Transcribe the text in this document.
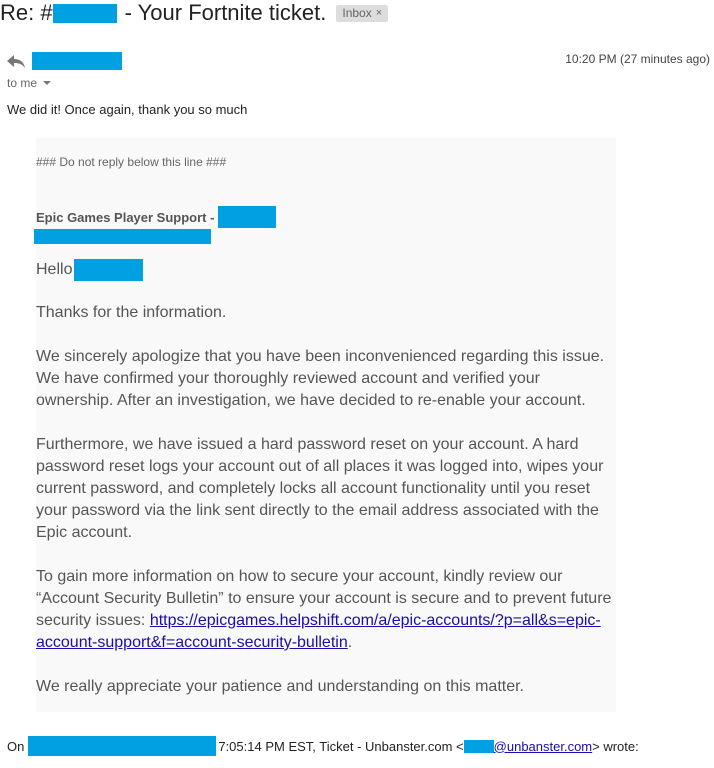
Re: #	- Your Fortnite ticket. Inbox ×
10:20 PM (27 minutes ago)
to me
We did it! Once again, thank you so much
### Do not reply below this line ###
Epic Games Player Support -
Hello
Thanks for the information.
We sincerely apologize that you have been inconvenienced regarding this issue.
We have confirmed your thoroughly reviewed account and verified your
ownership. After an investigation, we have decided to re-enable your account.
Furthermore, we have issued a hard password reset on your account. A hard
password reset logs your account out of all places it was logged into, wipes your
current password, and completely locks all account functionality until you reset
your password via the link sent directly to the email address associated with the
Epic account.
To gain more information on how to secure your account, kindly review our
“Account Security Bulletin” to ensure your account is secure and to prevent future
security issues: https://epicgames.helpshift.com/a/epic-accounts/?p=all&s=epic-
account-support&f=account-security-bulletin.
We really appreciate your patience and understanding on this matter.
On	7:05:14 PM EST, Ticket - Unbanster.com < @unbanster.com > wrote:
